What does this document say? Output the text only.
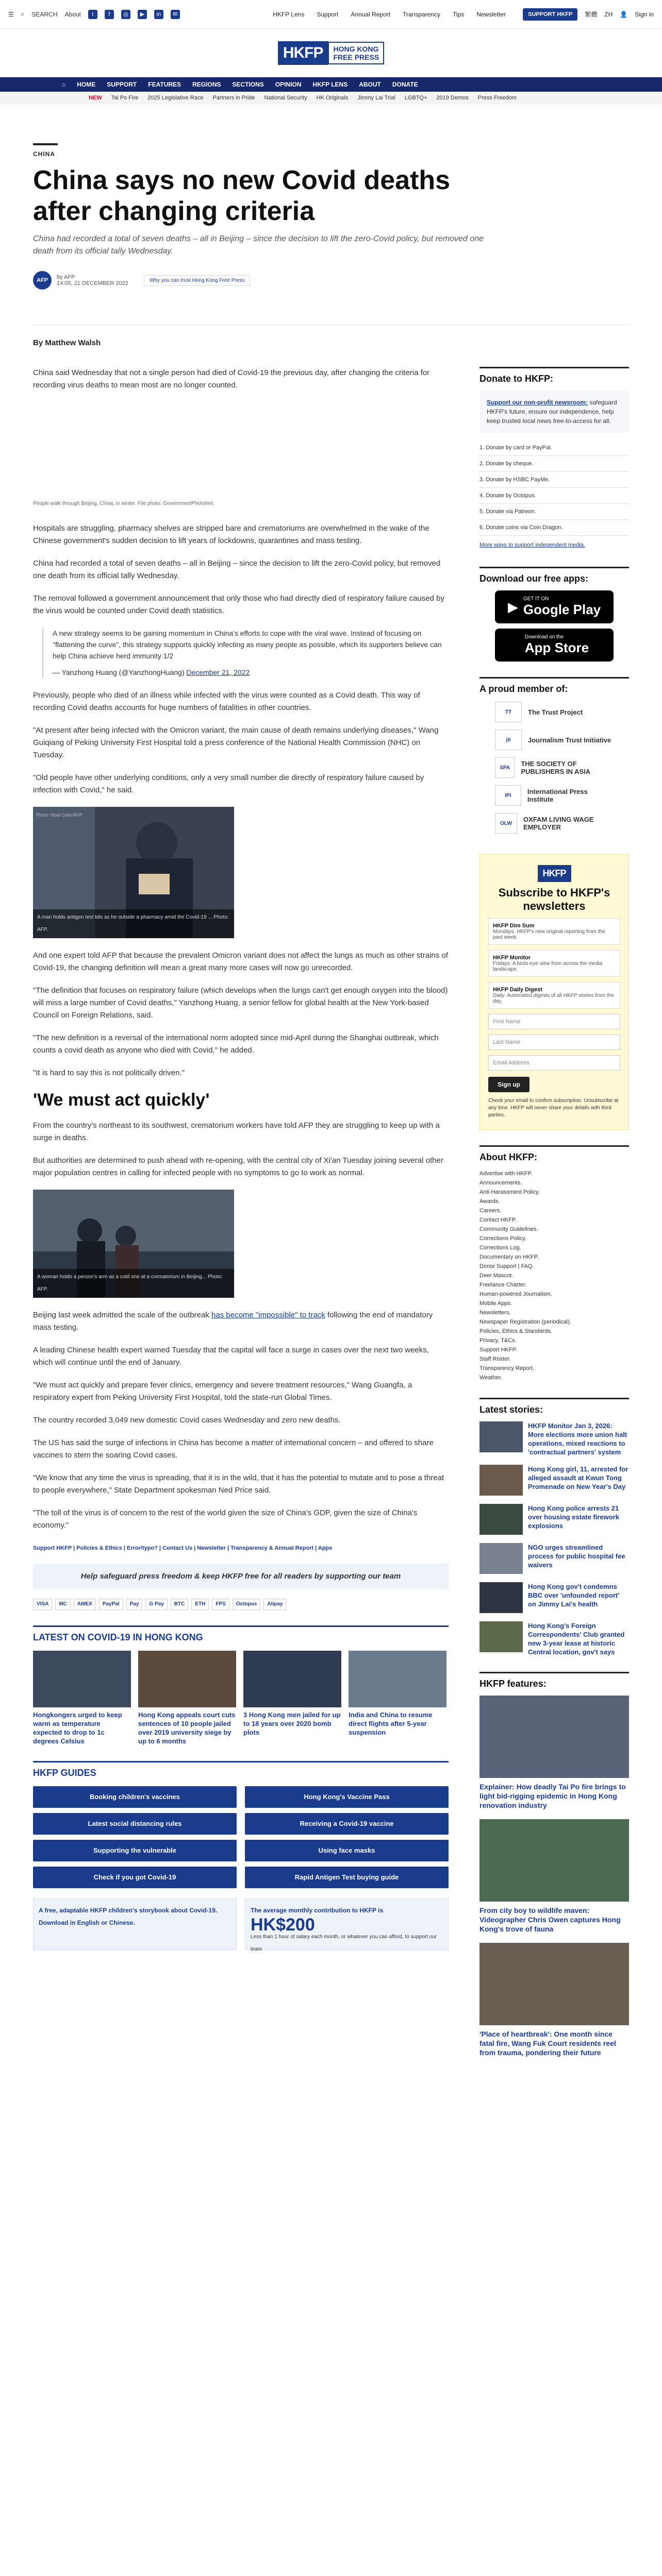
☰ ⌕ SEARCH About	t	f	◎	▶	in	✉	HKFP Lens	Support	Annual Report	Transparency	Tips	Newsletter	SUPPORT HKFP	繁體 ZH 👤 Sign in
HKFP	HONG KONG
FREE PRESS
⌂ HOME SUPPORT FEATURES REGIONS SECTIONS OPINION HKFP LENS ABOUT DONATE
NEW Tai Po Fire 2025 Legislative Race Partners in Pride National Security HK Originals Jimmy Lai Trial LGBTQ+ 2019 Demos Press Freedom
CHINA
China says no new Covid deaths after changing criteria
China had recorded a total of seven deaths – all in Beijing – since the decision to lift the zero-Covid policy, but removed one death from its official tally Wednesday.
AFP	by AFP
14:05, 21 DECEMBER 2022	Why you can trust Hong Kong Free Press
By Matthew Walsh

China said Wednesday that not a single person had died of Covid-19 the previous day, after changing the criteria for recording virus deaths to mean most are no longer counted.

People walk through Beijing, China, in winter. File photo: GovernmentPhotoNet.

Hospitals are struggling, pharmacy shelves are stripped bare and crematoriums are overwhelmed in the wake of the Chinese government's sudden decision to lift years of lockdowns, quarantines and mass testing.

China had recorded a total of seven deaths – all in Beijing – since the decision to lift the zero-Covid policy, but removed one death from its official tally Wednesday.

The removal followed a government announcement that only those who had directly died of respiratory failure caused by the virus would be counted under Covid death statistics.

A new strategy seems to be gaining momentum in China's efforts to cope with the viral wave. Instead of focusing on "flattening the curve", this strategy supports quickly infecting as many people as possible, which its supporters believe can help China achieve herd immunity 1/2
— Yanzhong Huang (@YanzhongHuang) December 21, 2022

Previously, people who died of an illness while infected with the virus were counted as a Covid death. This way of recording Covid deaths accounts for huge numbers of fatalities in other countries.

"At present after being infected with the Omicron variant, the main cause of death remains underlying diseases," Wang Guiqiang of Peking University First Hospital told a press conference of the National Health Commission (NHC) on Tuesday.

"Old people have other underlying conditions, only a very small number die directly of respiratory failure caused by infection with Covid," he said.

Photo: Noel Celis/AFP
A man holds antigen test kits as he outside a pharmacy amid the Covid-19 ... Photo: AFP.

And one expert told AFP that because the prevalent Omicron variant does not affect the lungs as much as other strains of Covid-19, the changing definition will mean a great many more cases will now go unrecorded.

"The definition that focuses on respiratory failure (which develops when the lungs can't get enough oxygen into the blood) will miss a large number of Covid deaths," Yanzhong Huang, a senior fellow for global health at the New York-based Council on Foreign Relations, said.

"The new definition is a reversal of the international norm adopted since mid-April during the Shanghai outbreak, which counts a covid death as anyone who died with Covid," he added.

"It is hard to say this is not politically driven."

'We must act quickly'

From the country's northeast to its southwest, crematorium workers have told AFP they are struggling to keep up with a surge in deaths.

But authorities are determined to push ahead with re-opening, with the central city of Xi'an Tuesday joining several other major population centres in calling for infected people with no symptoms to go to work as normal.

A woman holds a person's arm as a cold one at a crematorium in Beijing... Photo: AFP.

Beijing last week admitted the scale of the outbreak has become "impossible" to track following the end of mandatory mass testing.

A leading Chinese health expert warned Tuesday that the capital will face a surge in cases over the next two weeks, which will continue until the end of January.

"We must act quickly and prepare fever clinics, emergency and severe treatment resources," Wang Guangfa, a respiratory expert from Peking University First Hospital, told the state-run Global Times.

The country recorded 3,049 new domestic Covid cases Wednesday and zero new deaths.

The US has said the surge of infections in China has become a matter of international concern – and offered to share vaccines to stem the soaring Covid cases.

"We know that any time the virus is spreading, that it is in the wild, that it has the potential to mutate and to pose a threat to people everywhere," State Department spokesman Ned Price said.

"The toll of the virus is of concern to the rest of the world given the size of China's GDP, given the size of China's economy."

Support HKFP | Policies & Ethics | Error/typo? | Contact Us | Newsletter | Transparency & Annual Report | Apps
Help safeguard press freedom & keep HKFP free for all readers by supporting our team
VISA	MC	AMEX	PayPal	Pay	G Pay	BTC	ETH	FPS	Octopus	Alipay
LATEST ON COVID-19 IN HONG KONG
Hongkongers urged to keep warm as temperature expected to drop to 1c degrees Celsius
Hong Kong appeals court cuts sentences of 10 people jailed over 2019 university siege by up to 6 months
3 Hong Kong men jailed for up to 18 years over 2020 bomb plots
India and China to resume direct flights after 5-year suspension
HKFP GUIDES
Booking children's vaccines	Hong Kong's Vaccine Pass
Latest social distancing rules	Receiving a Covid-19 vaccine
Supporting the vulnerable	Using face masks
Check if you got Covid-19	Rapid Antigen Test buying guide
A free, adaptable HKFP children's storybook about Covid-19. Download in English or Chinese.
The average monthly contribution to HKFP is
HK$200
Less than 1 hour of salary each month, or whatever you can afford, to support our team
Donate to HKFP:
Support our non-profit newsroom: safeguard HKFP's future, ensure our independence, help keep trusted local news free-to-access for all.
1. Donate by card or PayPal.
2. Donate by cheque.
3. Donate by HSBC PayMe.
4. Donate by Octopus.
5. Donate via Patreon.
6. Donate coins via Coin Dragon.
More ways to support independent media.
Download our free apps:
▶ GET IT ON
Google Play
Download on the
App Store
A proud member of:
TT	The Trust Project
jti	Journalism Trust Initiative
SPA	THE SOCIETY OF PUBLISHERS IN ASIA
IPI	International Press Institute
OLW	OXFAM LIVING WAGE EMPLOYER
HKFP
Subscribe to HKFP's newsletters
HKFP Dim Sum
Mondays: HKFP's new original reporting from the past week.
HKFP Monitor
Fridays: A birds-eye view from across the media landscape.
HKFP Daily Digest
Daily: Automated digests of all HKFP stories from the day.
First Name
Last Name
Email Address
Sign up
Check your email to confirm subscription. Unsubscribe at any time. HKFP will never share your details with third parties.
About HKFP:
Advertise with HKFP.
Announcements.
Anti-Harassment Policy.
Awards.
Careers.
Contact HKFP.
Community Guidelines.
Corrections Policy.
Corrections Log.
Documentary on HKFP.
Donor Support | FAQ.
Deer Mascot.
Freelance Charter.
Human-powered Journalism.
Mobile Apps.
Newsletters.
Newspaper Registration (periodical).
Policies, Ethics & Standards.
Privacy, T&Cs.
Support HKFP.
Staff Roster.
Transparency Report.
Weather.
Latest stories:
HKFP Monitor Jan 3, 2026: More elections more union halt operations, mixed reactions to 'contractual partners' system
Hong Kong girl, 11, arrested for alleged assault at Kwun Tong Promenade on New Year's Day
Hong Kong police arrests 21 over housing estate firework explosions
NGO urges streamlined process for public hospital fee waivers
Hong Kong gov't condemns BBC over 'unfounded report' on Jimmy Lai's health
Hong Kong's Foreign Correspondents' Club granted new 3-year lease at historic Central location, gov't says
HKFP features:
Explainer: How deadly Tai Po fire brings to light bid-rigging epidemic in Hong Kong renovation industry
From city boy to wildlife maven: Videographer Chris Owen captures Hong Kong's trove of fauna
'Place of heartbreak': One month since fatal fire, Wang Fuk Court residents reel from trauma, pondering their future
